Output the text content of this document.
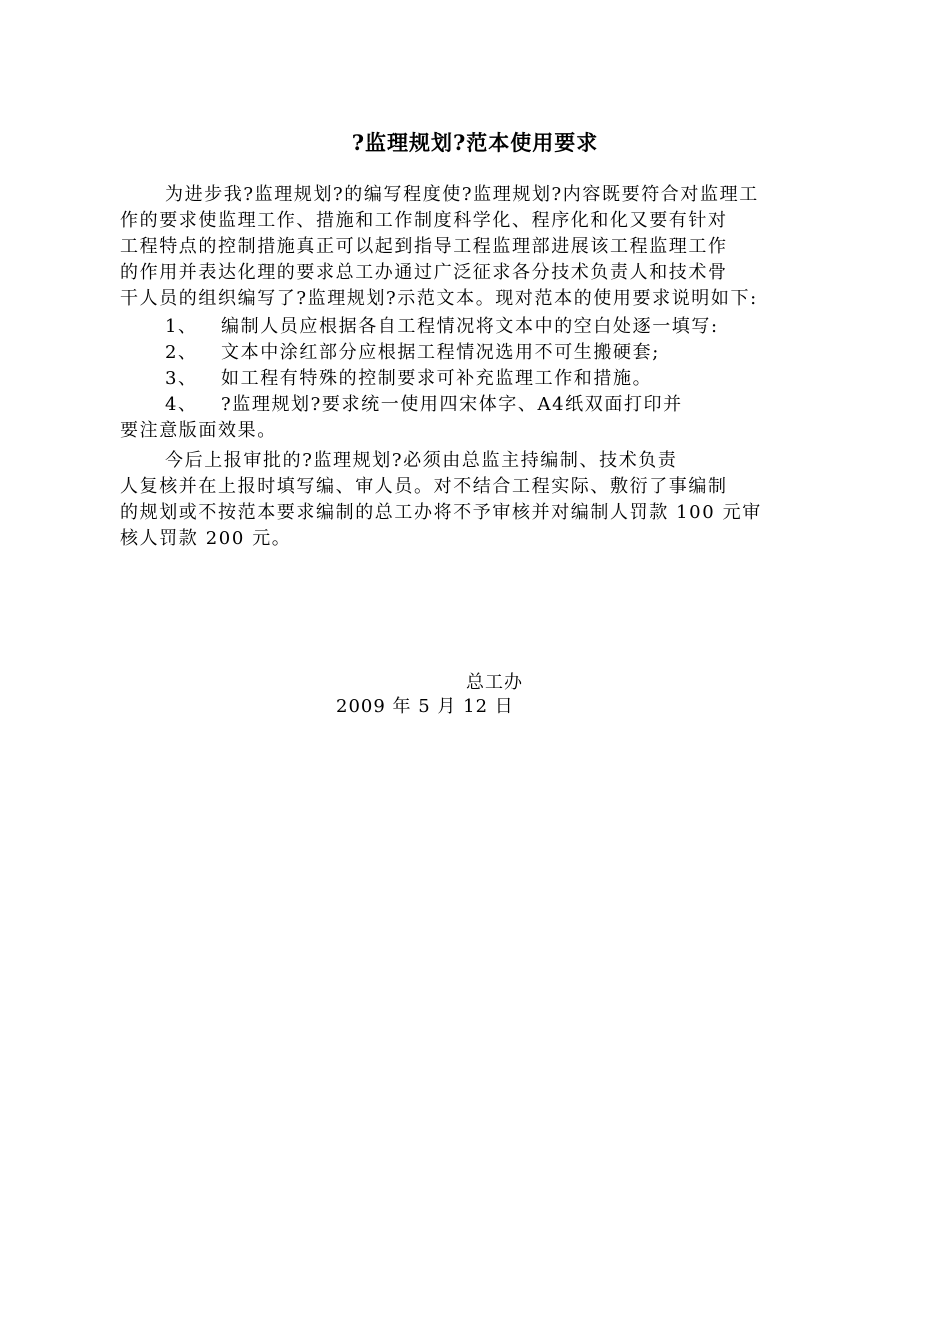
?监理规划?范本使用要求
为进步我?监理规划?的编写程度使?监理规划?内容既要符合对监理工
作的要求使监理工作、措施和工作制度科学化、程序化和化又要有针对
工程特点的控制措施真正可以起到指导工程监理部进展该工程监理工作
的作用并表达化理的要求总工办通过广泛征求各分技术负责人和技术骨
干人员的组织编写了?监理规划?示范文本。现对范本的使用要求说明如下:
1、	编制人员应根据各自工程情况将文本中的空白处逐一填写:
2、	文本中涂红部分应根据工程情况选用不可生搬硬套;
3、	如工程有特殊的控制要求可补充监理工作和措施。
4、	?监理规划?要求统一使用四宋体字、A4纸双面打印并
要注意版面效果。
今后上报审批的?监理规划?必须由总监主持编制、技术负责
人复核并在上报时填写编、审人员。对不结合工程实际、敷衍了事编制
的规划或不按范本要求编制的总工办将不予审核并对编制人罚款 100 元审
核人罚款 200 元。
总工办
2009 年 5 月 12 日
